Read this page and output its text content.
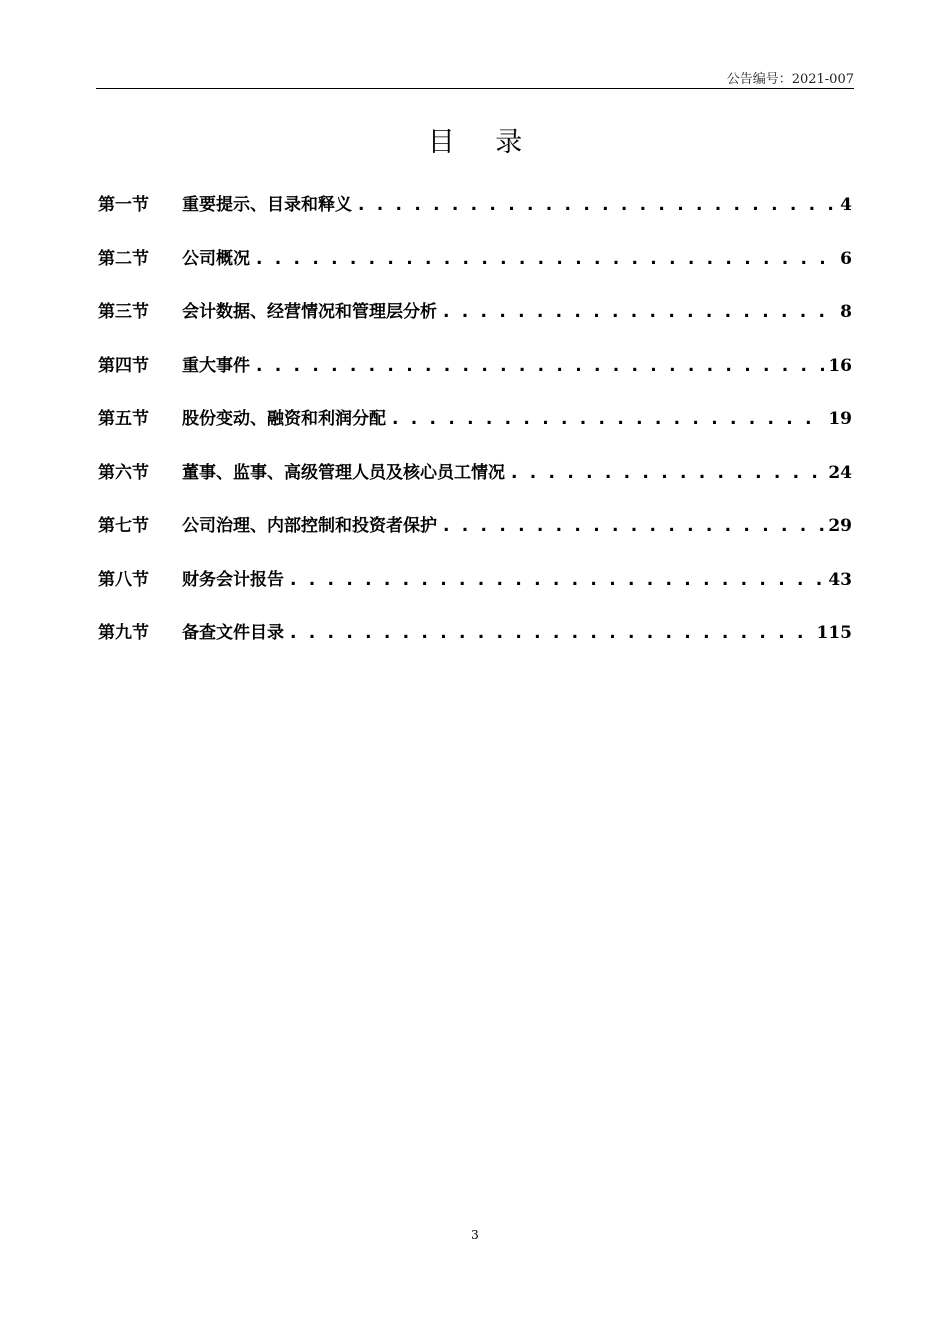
公告编号：2021-007
目 录
第一节	重要提示、目录和释义 . . .	4
第二节	公司概况 . . .	6
第三节	会计数据、经营情况和管理层分析 . . .	8
第四节	重大事件 . . .	16
第五节	股份变动、融资和利润分配 . . .	19
第六节	董事、监事、高级管理人员及核心员工情况 . . .	24
第七节	公司治理、内部控制和投资者保护 . . .	29
第八节	财务会计报告 . . .	43
第九节	备查文件目录 . . .	115
3
